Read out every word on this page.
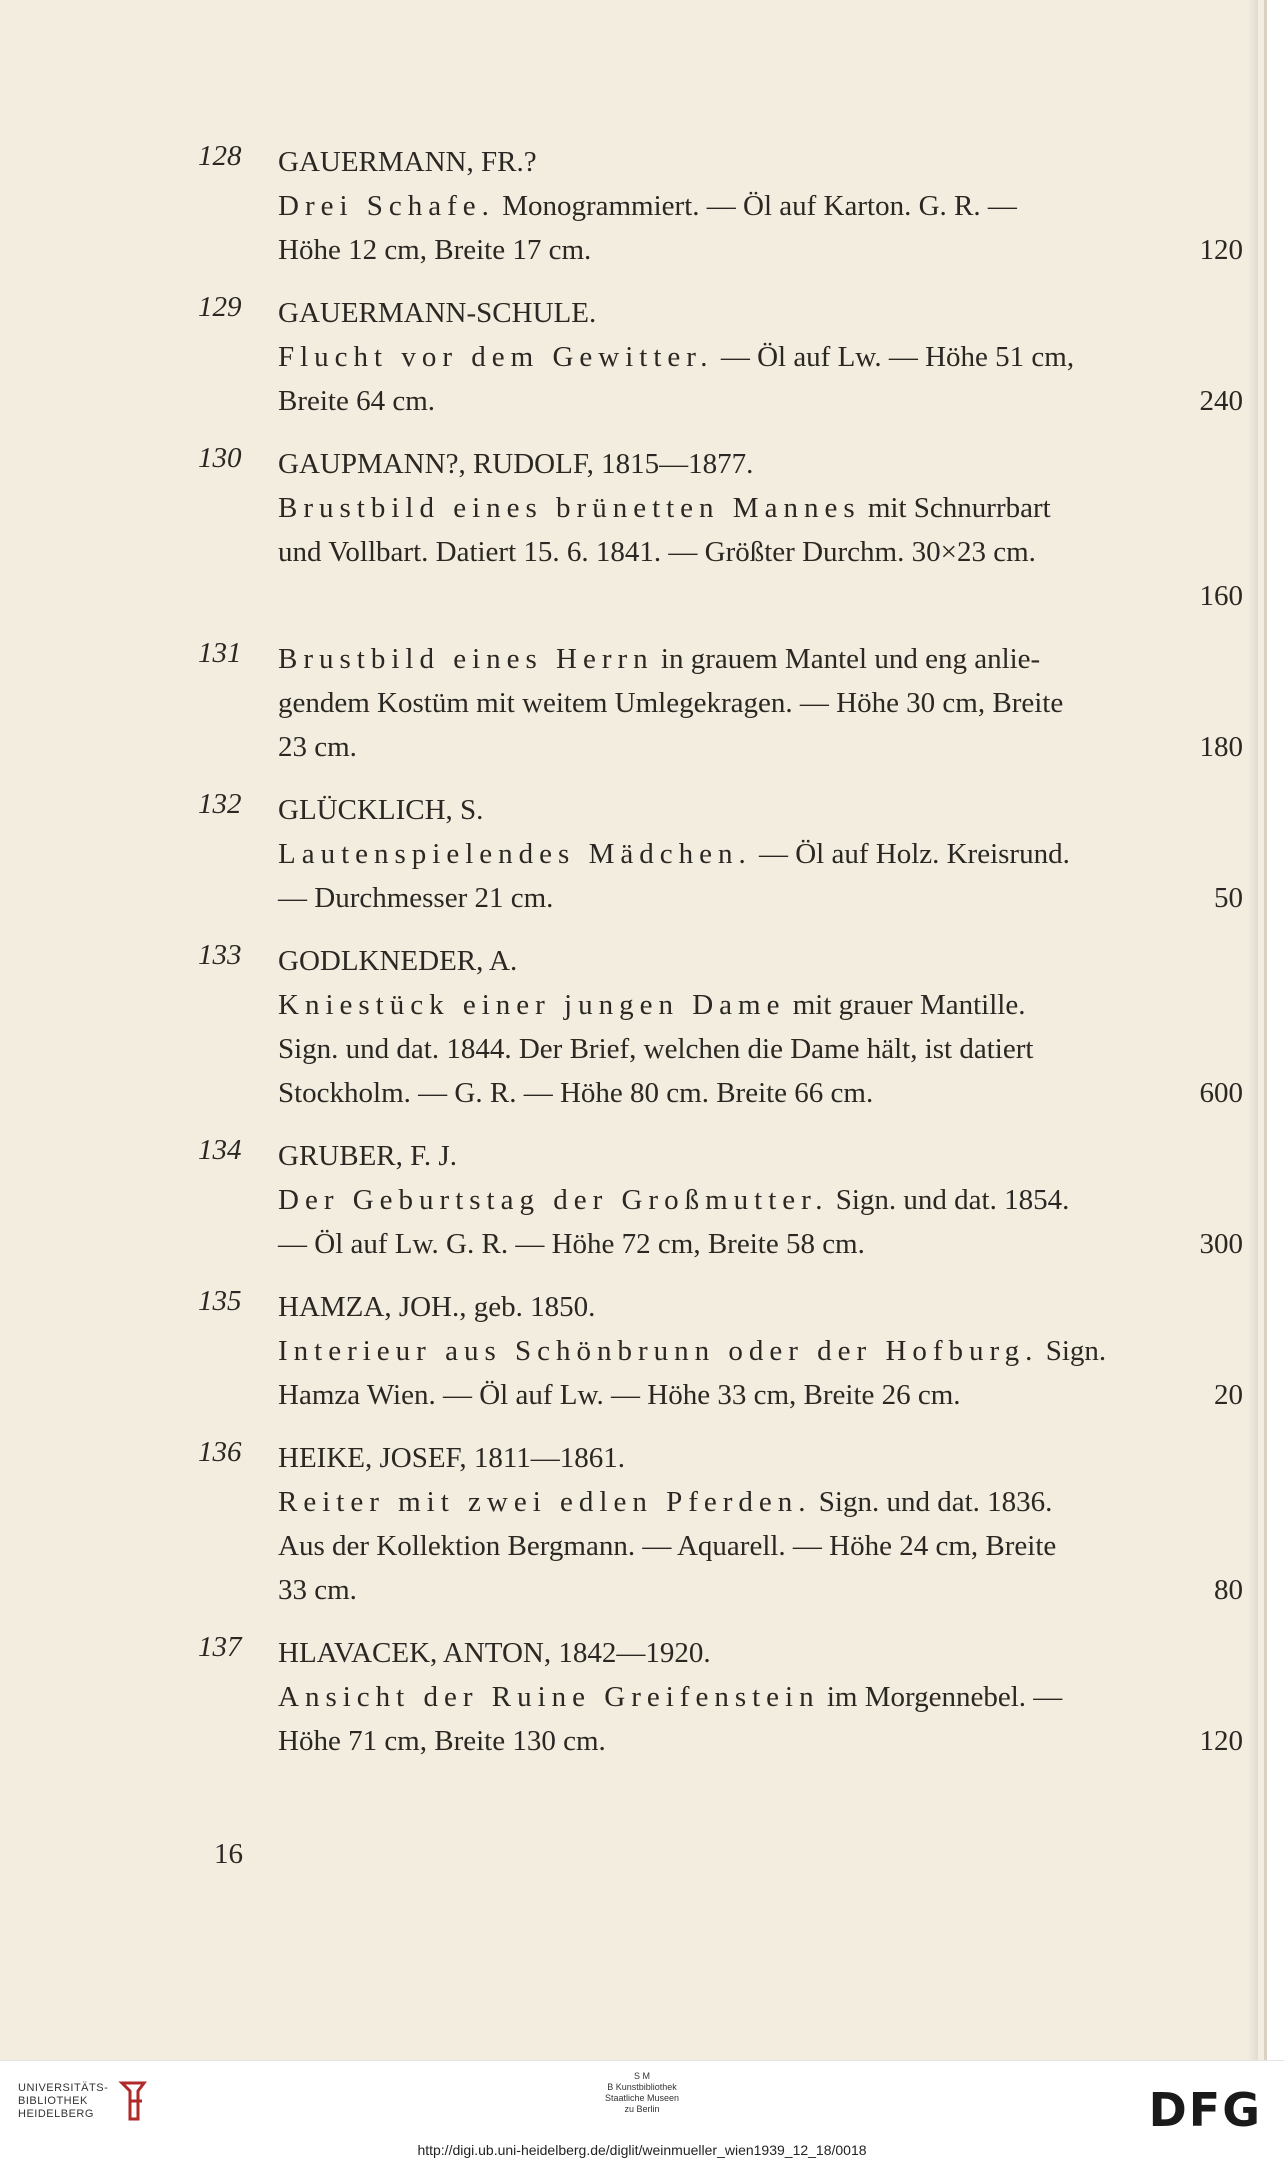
128	GAUERMANN, FR.?
Drei Schafe. Monogrammiert. — Öl auf Karton. G. R. —
Höhe 12 cm, Breite 17 cm.	120
129	GAUERMANN-SCHULE.
Flucht vor dem Gewitter. — Öl auf Lw. — Höhe 51 cm,
Breite 64 cm.	240
130	GAUPMANN?, RUDOLF, 1815—1877.
Brustbild eines brünetten Mannes mit Schnurrbart
und Vollbart. Datiert 15. 6. 1841. — Größter Durchm. 30×23 cm.
160
131	Brustbild eines Herrn in grauem Mantel und eng anlie-
gendem Kostüm mit weitem Umlegekragen. — Höhe 30 cm, Breite
23 cm.	180
132	GLÜCKLICH, S.
Lautenspielendes Mädchen. — Öl auf Holz. Kreisrund.
— Durchmesser 21 cm.	50
133	GODLKNEDER, A.
Kniestück einer jungen Dame mit grauer Mantille.
Sign. und dat. 1844. Der Brief, welchen die Dame hält, ist datiert
Stockholm. — G. R. — Höhe 80 cm. Breite 66 cm.	600
134	GRUBER, F. J.
Der Geburtstag der Großmutter. Sign. und dat. 1854.
— Öl auf Lw. G. R. — Höhe 72 cm, Breite 58 cm.	300
135	HAMZA, JOH., geb. 1850.
Interieur aus Schönbrunn oder der Hofburg. Sign.
Hamza Wien. — Öl auf Lw. — Höhe 33 cm, Breite 26 cm.	20
136	HEIKE, JOSEF, 1811—1861.
Reiter mit zwei edlen Pferden. Sign. und dat. 1836.
Aus der Kollektion Bergmann. — Aquarell. — Höhe 24 cm, Breite
33 cm.	80
137	HLAVACEK, ANTON, 1842—1920.
Ansicht der Ruine Greifenstein im Morgennebel. —
Höhe 71 cm, Breite 130 cm.	120
16
UNIVERSITÄTS-
BIBLIOTHEK
HEIDELBERG
S M
B Kunstbibliothek
Staatliche Museen
zu Berlin	DFG
http://digi.ub.uni-heidelberg.de/diglit/weinmueller_wien1939_12_18/0018
